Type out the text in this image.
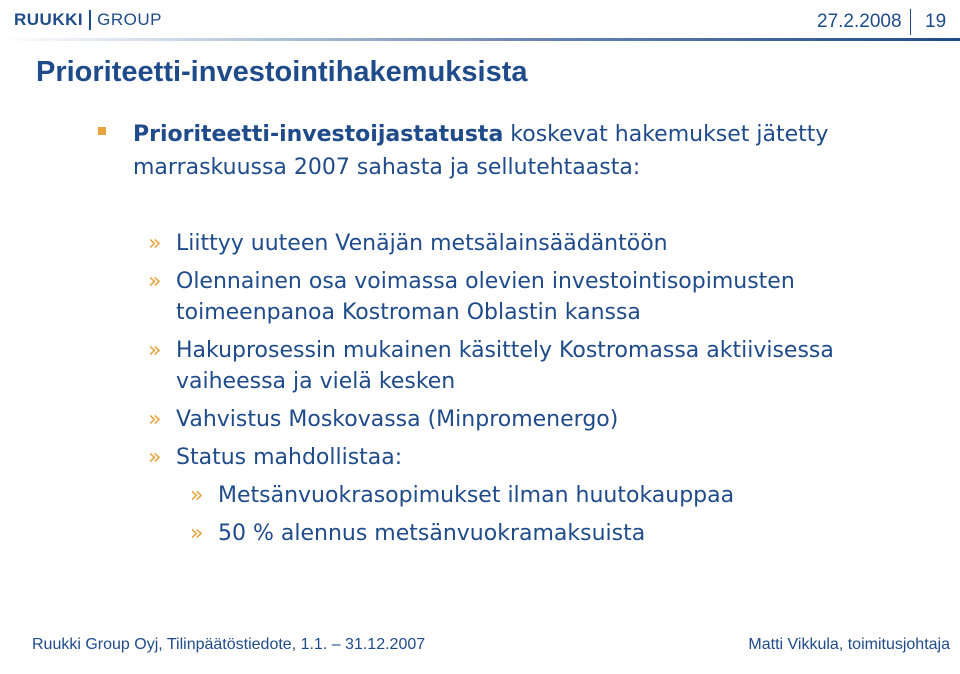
RUUKKI GROUP	27.2.2008 19
Prioriteetti-investointihakemuksista
Prioriteetti-investoijastatusta koskevat hakemukset jätetty marraskuussa 2007 sahasta ja sellutehtaasta:
» Liittyy uuteen Venäjän metsälainsäädäntöön
» Olennainen osa voimassa olevien investointisopimusten toimeenpanoa Kostroman Oblastin kanssa
» Hakuprosessin mukainen käsittely Kostromassa aktiivisessa vaiheessa ja vielä kesken
» Vahvistus Moskovassa (Minpromenergo)
» Status mahdollistaa:
» Metsänvuokrasopimukset ilman huutokauppaa
» 50 % alennus metsänvuokramaksuista
Ruukki Group Oyj, Tilinpäätöstiedote, 1.1. – 31.12.2007	Matti Vikkula, toimitusjohtaja
